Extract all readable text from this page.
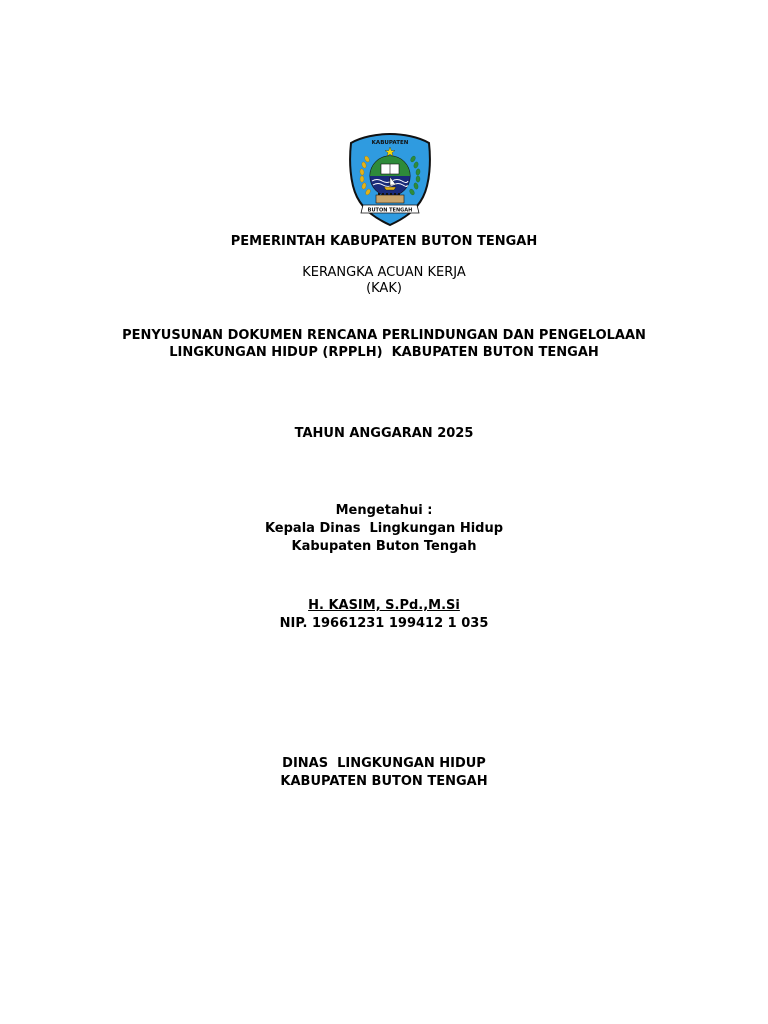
KABUPATEN
BUTON TENGAH
PEMERINTAH KABUPATEN BUTON TENGAH
KERANGKA ACUAN KERJA
(KAK)
PENYUSUNAN DOKUMEN RENCANA PERLINDUNGAN DAN PENGELOLAAN
LINGKUNGAN HIDUP (RPPLH)  KABUPATEN BUTON TENGAH
TAHUN ANGGARAN 2025
Mengetahui :
Kepala Dinas  Lingkungan Hidup
Kabupaten Buton Tengah
H. KASIM, S.Pd.,M.Si
NIP. 19661231 199412 1 035
DINAS  LINGKUNGAN HIDUP
KABUPATEN BUTON TENGAH
